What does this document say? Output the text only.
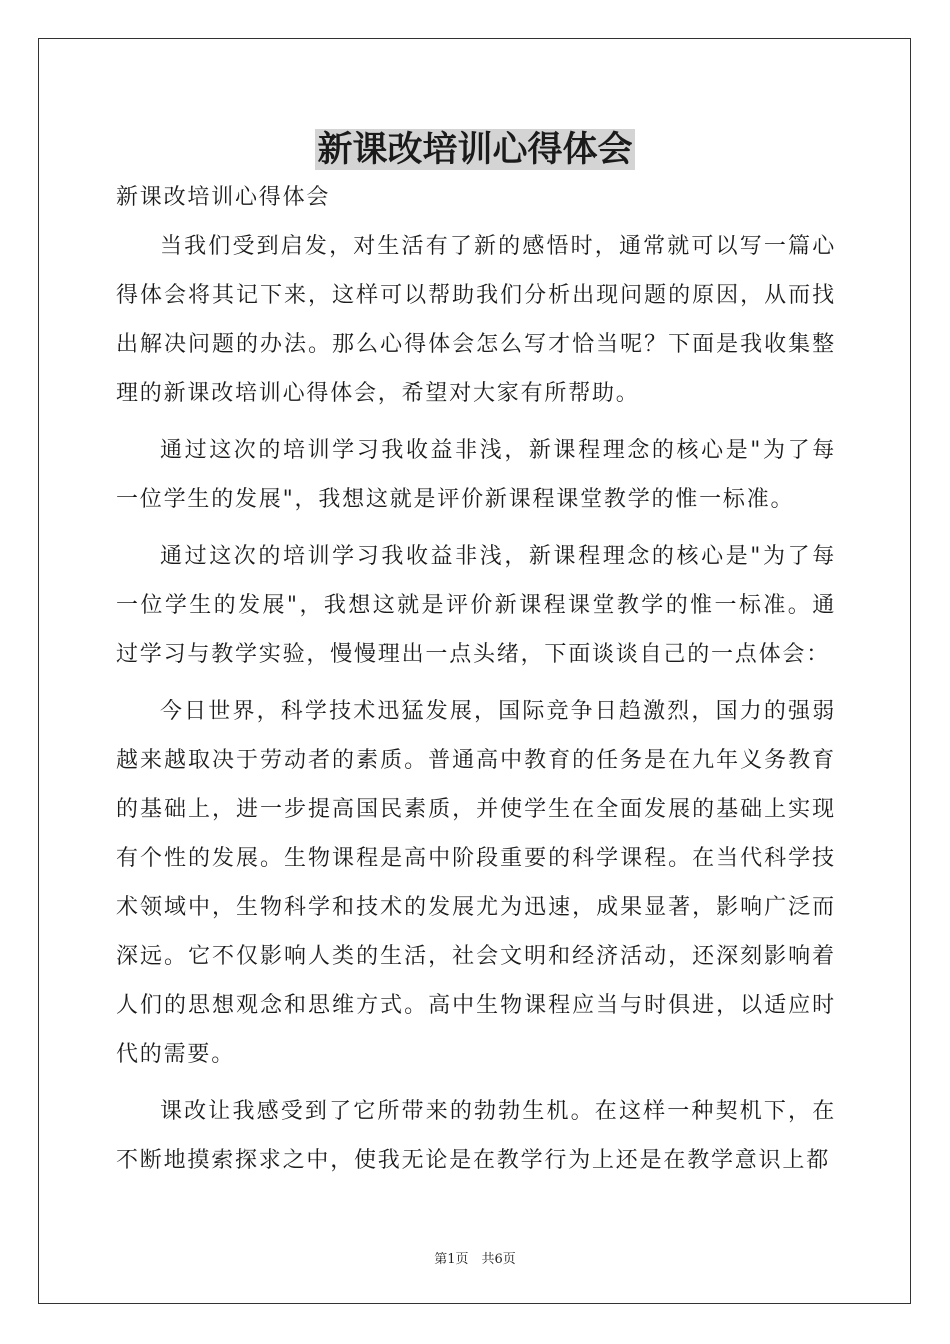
新课改培训心得体会

新课改培训心得体会

当我们受到启发，对生活有了新的感悟时，通常就可以写一篇心得体会将其记下来，这样可以帮助我们分析出现问题的原因，从而找出解决问题的办法。那么心得体会怎么写才恰当呢？下面是我收集整理的新课改培训心得体会，希望对大家有所帮助。

通过这次的培训学习我收益非浅，新课程理念的核心是"为了每一位学生的发展"，我想这就是评价新课程课堂教学的惟一标准。

通过这次的培训学习我收益非浅，新课程理念的核心是"为了每一位学生的发展"，我想这就是评价新课程课堂教学的惟一标准。通过学习与教学实验，慢慢理出一点头绪，下面谈谈自己的一点体会：

今日世界，科学技术迅猛发展，国际竞争日趋激烈，国力的强弱越来越取决于劳动者的素质。普通高中教育的任务是在九年义务教育的基础上，进一步提高国民素质，并使学生在全面发展的基础上实现有个性的发展。生物课程是高中阶段重要的科学课程。在当代科学技术领域中，生物科学和技术的发展尤为迅速，成果显著，影响广泛而深远。它不仅影响人类的生活，社会文明和经济活动，还深刻影响着人们的思想观念和思维方式。高中生物课程应当与时俱进，以适应时代的需要。

课改让我感受到了它所带来的勃勃生机。在这样一种契机下，在不断地摸索探求之中，使我无论是在教学行为上还是在教学意识上都

第1页　共6页
